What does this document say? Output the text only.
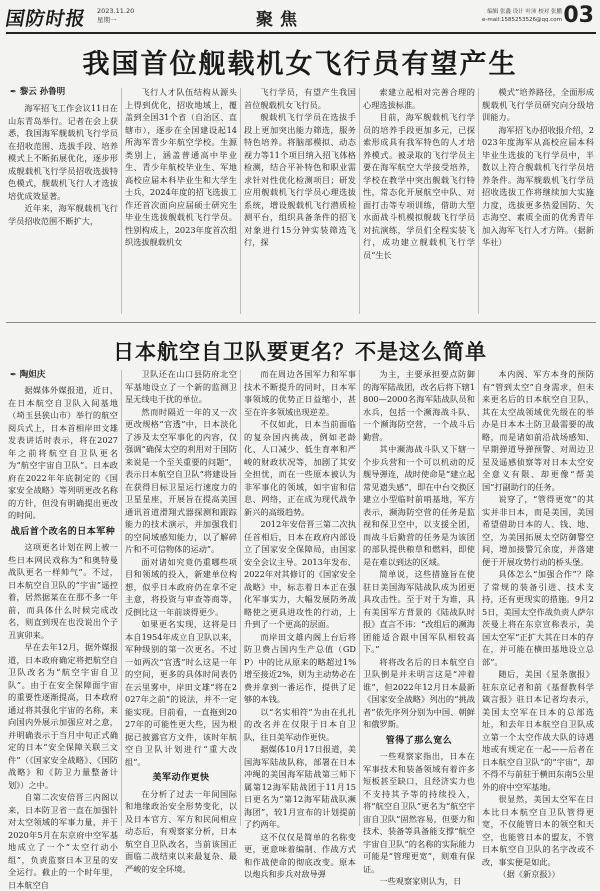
国防时报 2023.11.20
星期一	聚焦	编辑 张鑫 设计 叶沛 校对 张鹏
e-mail:1585253526@qq.com 03
我国首位舰载机女飞行员有望产生
✒ 黎云 孙鲁明

海军招飞工作会议11日在山东青岛举行。记者在会上获悉，我国海军舰载机飞行学员在招收范围、选拔手段、培养模式上不断拓展优化，逐步形成舰载机飞行学员招收选拔特色模式，舰载机飞行人才选拔培优成效显著。

近年来，海军舰载机飞行学员招收范围不断扩大，

飞行人才队伍结构从源头上得到优化，招收地域上，覆盖到全国31个省（自治区、直辖市），逐步在全国建设起14所海军青少年航空学校。生源类别上，涵盖普通高中毕业生、青少年航校毕业生、军地高校应届本科毕业生和大学生士兵，2024年度的招飞选拔工作还首次面向应届硕士研究生毕业生选拔舰载机飞行学员。性别构成上，2023年度首次组织选拔舰载机女

飞行学员，有望产生我国首位舰载机女飞行员。

舰载机飞行学员在选拔手段上更加突出能力筛选，服务特色培养。将脑部模拟、动态视力等11个项目纳入招飞体格检测，结合平补特色和职业需求针对性优化检测项目；研发应用舰载机飞行学员心理选拔系统，增设舰载机飞行潜质检测平台，组织具备条件的招飞对象进行15分钟实装筛选飞行，探

索建立起相对完善合理的心理选拔标准。

目前，海军舰载机飞行学员的培养手段更加多元，已探索形成具有我军特色的人才培养模式。被录取的飞行学员主要在海军航空大学接受培养，学校在教学中突出舰载飞行特性，常态化开展航空中队、对面打击等专项训练，借助大型水面战斗机模拟舰载飞行学员对抗演练，学员们全程实装飞行，成功建立舰载机飞行学员“生长

模式”培养路径，全面形成舰载机飞行学员研究向分级培训能力。

海军招飞办招收报介绍，2023年度海军从高校应届本科毕业生选拔的飞行学员中，半数以上符合舰载机飞行学员培养条件。海军舰载机飞行学员招收选拔工作将继续加大实施力度，选拔更多热爱国防、矢志海空、素质全面的优秀青年加入海军飞行人才方阵。（据新华社）

日本航空自卫队要更名？不是这么简单
✒ 陶妲庆

据媒体外媒报道，近日，在日本航空自卫队入间基地（埼玉县狭山市）举行的航空阅兵式上，日本首相岸田文雄发表讲话时表示，将在2027年之前将航空自卫队更名为“航空宇宙自卫队”。日本政府在2022年年底制定的《国家安全战略》等列明更改名称的方针，但没有明确提出更改的时间。

战后首个改名的日本军种

这项更名计划在网上被一些日本网民戏称为“和奥特曼战队更名一样帅气”。不过，日本航空自卫队的“宇宙”遥控着，居然据某在在那不多一年前，而具体什么时候完成改名，则直到现在也没说出个子丑寅卯来。

早在去年12月，据外媒报道，日本政府确定将把航空自卫队改名为“航空宇宙自卫队”。由于在安全保障面宇宙的重要性逐渐提高，日本政府通过将其强化宇宙的名称，来向国内外展示加强应对之意，并明确表示于当月中旬正式确定的日本“安全保障关联三文件”（《国家安全战略》、《国防战略》和《防卫力量整备计划》）之中。

自第二次安倍晋三内阁以来，日本防卫省一直在加强针对太空领域的军事力量，并于2020年5月在东京府中空军基地成立了一个“太空行动小组”，负责监察日本卫星的安全运行。截止的一个时年里，日本航空自

卫队还在山口县防府北空军基地设立了一个新的监测卫星无线电干扰的单位。

然而时隔近一年的又一次更改规格“官透”中，日本淡化了涉及太空军事化的内容，仅强调“确保太空的利用对于国防来说是一个至关重要的问题”，表示日本航空自卫队“将建设旨在获得目标卫星运行速度力的卫星星座，开展旨在提高美国通讯首道滑翔式器探测和跟踪能力的技术演示，并加强我们的空间域感知能力，以了解碎片和不可信物体的运动”。

面对诸如究竟仍重哪些项目和领域的投入，新建单位构想，似乎日本政府仍在拿不定主意，将投资与审查等商等，反倒比这一年前谈得更少。

如果更名实现，这将是日本自1954年成立自卫队以来，军种级别的第一次更名。不过一如两次“官透”时么这是一年的空间，更多的具体时间表仍在云里雾中，岸田文雄“将在2027年之前”的说法，并不一定能实现。目前看，一直拖到2027年的可能性更大些，因为根据已披露官方文件，该时年航空自卫队计划进行“重大改组”。

美军动作更快

在分析了过去一年间国际和地缘政治安全形势变化，以及日本官方、军方和民间相应动态后，有观察家分析，日本航空自卫队改名，当前该国正面临二战结束以来最复杂、最严峻的安全环境。

而在周边各国军力和军事技术不断提升的同时，日本军事领域的优势正日益缩小，甚至在许多领域出现逆差。

不仅如此，日本当前面临的复杂国内挑战，例如老龄化、人口减少、低生育率和严峻的财政状况等，加剧了其安全担忧，而在一些原本被认为非军事化的领域，如宇宙和信息、网络，正在成为现代战争新兴的高级趋势。

2012年安倍晋三第二次执任首相后，日本在政府内部设立了国家安全保障局，由国家安全会议主导。2013年发布、2022年对其修订的《国家安全战略》中，标志着日本正在强化军事实力，大幅发展防务战略使之更具进攻性的行动，上升到了一个更高的层面。

而岸田文雄内阁上台后将防卫费占国内生产总值（GDP）中的比从原来的略超过1%增至接近2%，则为主动势必在费并拿到一番运作，提供了足够的本钱。

以“名实相符”为由在扎扎的改名并在仅限于日本自卫队，往日美军动作更快。

据媒体10月17日报道，美国海军陆战队称，部署在日本冲绳的美国海军陆战第三师下属第12海军陆战团于11月15日更名为“第12海军陆战队濒海团”，较1月宣布的计划提前了约两年。

这不仅仅是简单的名称变更，更意味着编制、作战方式和作战使命的彻底改变。原本以炮兵和步兵对敌导弹

为主，主要承担要点防御的海军陆战团，改名后将下辖1800—2000名海军陆战队员和水兵，包括一个濒海战斗队、一个濒海防空营，一个战斗后勤营。

其中濒海战斗队又下辖一个步兵营和一个可以机动的反舰导弹连，战时使命是“建立起常见遗失感”，即在中台交换区建立小型临时前哨基地，军方表示，濒海防空营的任务是监视和保卫空中，以支援全团，而战斗后勤营的任务是为该团的部队提供粮草和燃料，即使是在难以到达的区域。

简单说，这些措施旨在使驻日美国海军陆战队成为团更具攻击性。至于对于为谁，具有美国军方背景的《陆战队时报》直言不讳：“改组后的濒海团能适合跟中国军队相较高下。”

将将改名后的日本航空自卫队倒是并未明言这是“冲着谁”，但2022年12月日本最新《国家安全战略》列出的“挑战者”依先序列分别为中国、朝鲜和俄罗斯。

管得了那么宽么

一些观察家指出，日本在军事技术和装备领域有着许多短板甚至缺口，且经济实力也不支持其予等的持续投入，将“航空自卫队”更名为“航空宇宙自卫队”固然容易，但要力和技术、装备等具备能支撑“航空宇宙自卫队”的名称的实际能力可能是“管理更宽”，则难有保证。

一些观察家则认为，日

本内阁、军方本身的预防有“管到太空”自身需求，但未来更名后的日本航空自卫队，其在太空战领域优先级在的举办是日本本土防卫最需要的战略，而是诸如前沿战场感知、早期弹道导弹预警、对周边卫星及遥感侦察等对日本太空安全意义有限、却更像“帮美国”打副助行的任务。

说穿了，“管得更宽”的其实并非日本，而是美国，美国希望借助日本的人、钱、地、空，为美国拓展太空防御警空间，增加接警冗余度，并落建便于开展攻势行动的桥头堡。

具体怎么“加强合作”？除了常规的装备引进、技术支持，还有更现实的措施。9月25日，美国太空作战负责人萨尔茨曼上将在东京宣称表示，美国太空军“正扩大其在日本的存在，并可能在横田基地设立总部”。

随后，美国《星条旗报》驻东京记者和前《基督教科学箴言报》驻日本记者均表示，美国太空军在日本的总部选址，和去年日本航空自卫队成立第一个太空作战大队的诗遇地或有规定在一起——后者在日本航空自卫队“的”宇宙“，却不得不与前驻于横田东南5公里外的府中空军基地。

很显然，美国太空军在日本比日本航空自卫队管得更宽，不仅能管日本的领空和天空，也能管日本的盟友，不管日本航空自卫队的名字改或不改，事实便是如此。

（据《新京报》）
